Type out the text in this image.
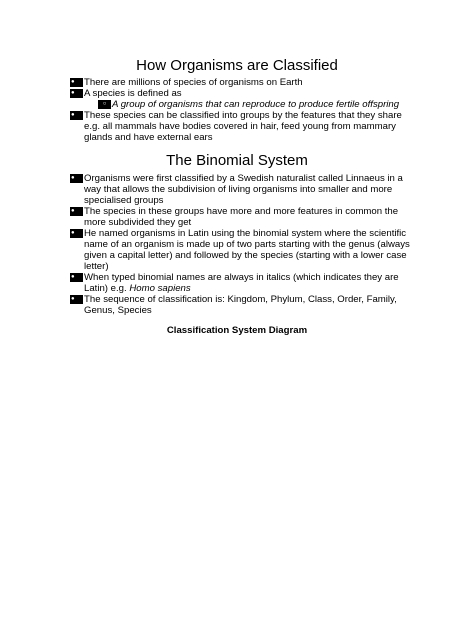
How Organisms are Classified
● There are millions of species of organisms on Earth
● A species is defined as
○ A group of organisms that can reproduce to produce fertile offspring
● These species can be classified into groups by the features that they share e.g. all mammals have bodies covered in hair, feed young from mammary glands and have external ears
The Binomial System
● Organisms were first classified by a Swedish naturalist called Linnaeus in a way that allows the subdivision of living organisms into smaller and more specialised groups
● The species in these groups have more and more features in common the more subdivided they get
● He named organisms in Latin using the binomial system where the scientific name of an organism is made up of two parts starting with the genus (always given a capital letter) and followed by the species (starting with a lower case letter)
● When typed binomial names are always in italics (which indicates they are Latin) e.g. Homo sapiens
● The sequence of classification is: Kingdom, Phylum, Class, Order, Family, Genus, Species
Classification System Diagram
